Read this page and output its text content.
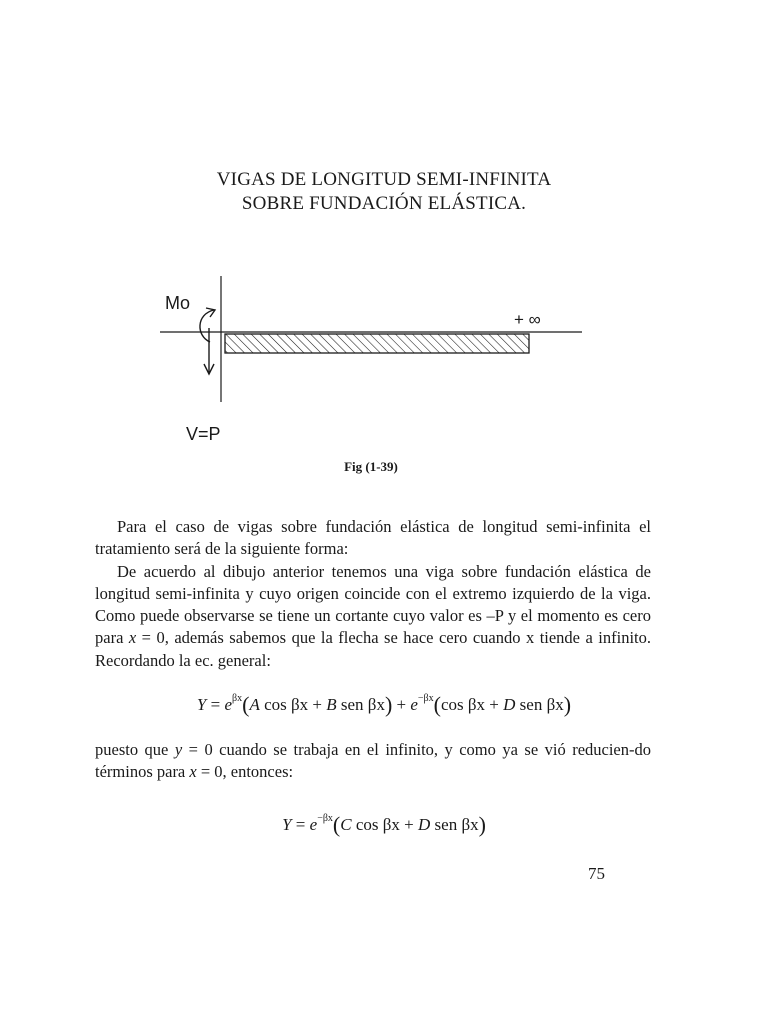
VIGAS DE LONGITUD SEMI-INFINITA
SOBRE FUNDACIÓN ELÁSTICA.
Mo
+ ∞
V=P
Fig (1-39)

Para el caso de vigas sobre fundación elástica de longitud semi-infinita el tratamiento será de la siguiente forma:

De acuerdo al dibujo anterior tenemos una viga sobre fundación elástica de longitud semi-infinita y cuyo origen coincide con el extremo izquierdo de la viga. Como puede observarse se tiene un cortante cuyo valor es –P y el momento es cero para x = 0, además sabemos que la flecha se hace cero cuando x tiende a infinito. Recordando la ec. general:

$Y = e^{\beta x}(A$ cos βx + B sen $\beta x) + e^{-\beta x}(\cos$ βx + D sen βx)

puesto que y = 0 cuando se trabaja en el infinito, y como ya se vió reducien-do términos para x = 0, entonces:

$Y = e^{-\beta x}(C$ cos βx + D sen βx)
75
